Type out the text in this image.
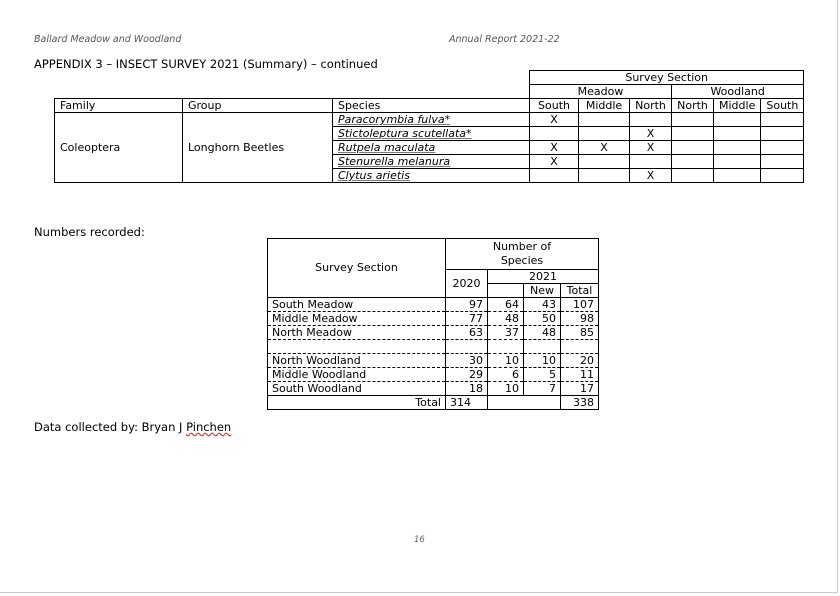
Ballard Meadow and Woodland	Annual Report 2021-22
APPENDIX 3 – INSECT SURVEY 2021 (Summary) – continued
			Survey Section					
			Meadow			Woodland		
Family	Group	Species	South	Middle	North	North	Middle	South
Coleoptera	Longhorn Beetles	Paracorymbia fulva*	X					
		Stictoleptura scutellata*			X			
		Rutpela maculata	X	X	X			
		Stenurella melanura	X					
		Clytus arietis			X			
Numbers recorded:
Survey Section	Number of Species			
	2020	2021		
			New	Total
South Meadow	97	64	43	107
Middle Meadow	77	48	50	98
North Meadow	63	37	48	85

North Woodland	30	10	10	20
Middle Woodland	29	6	5	11
South Woodland	18	10	7	17
Total	314			338
Data collected by: Bryan J Pinchen
16
